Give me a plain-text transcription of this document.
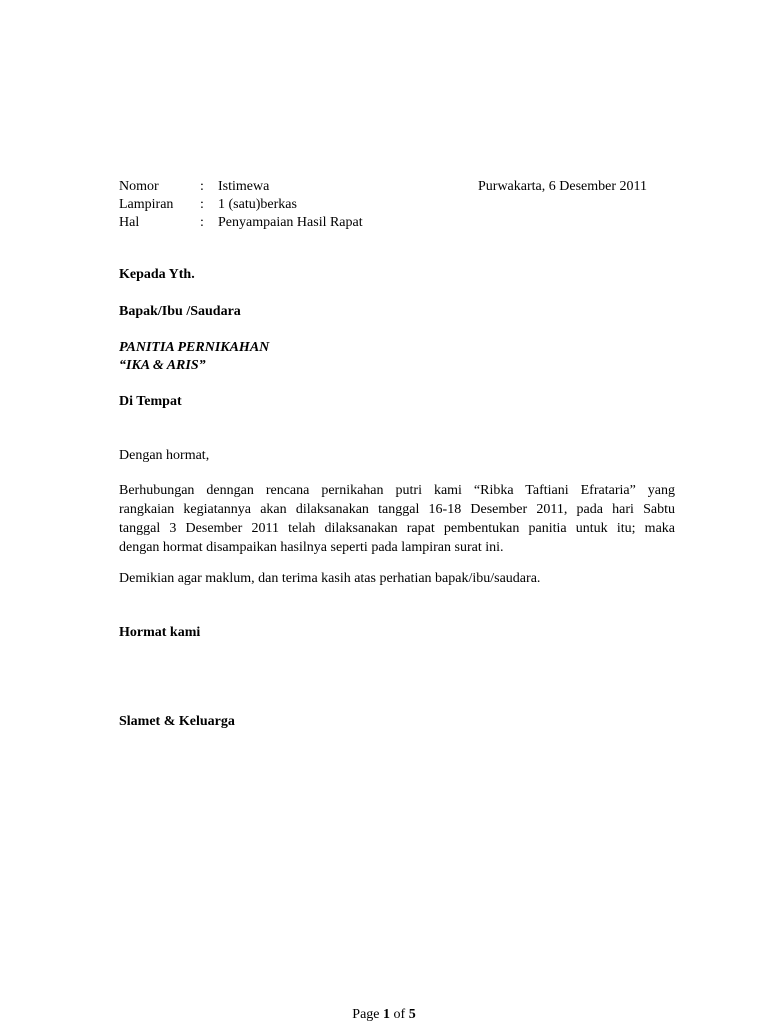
Nomor	: Istimewa
Lampiran : 1 (satu)berkas
Hal	: Penyampaian Hasil Rapat
Purwakarta, 6 Desember 2011
Kepada Yth.
Bapak/Ibu /Saudara
PANITIA PERNIKAHAN
“IKA & ARIS”
Di Tempat
Dengan hormat,
Berhubungan denngan rencana pernikahan putri kami “Ribka Taftiani Efrataria” yang
rangkaian kegiatannya akan dilaksanakan tanggal 16-18 Desember 2011, pada hari Sabtu
tanggal 3 Desember 2011 telah dilaksanakan rapat pembentukan panitia untuk itu; maka
dengan hormat disampaikan hasilnya seperti pada lampiran surat ini.
Demikian agar maklum, dan terima kasih atas perhatian bapak/ibu/saudara.
Hormat kami
Slamet & Keluarga
Page 1 of 5
